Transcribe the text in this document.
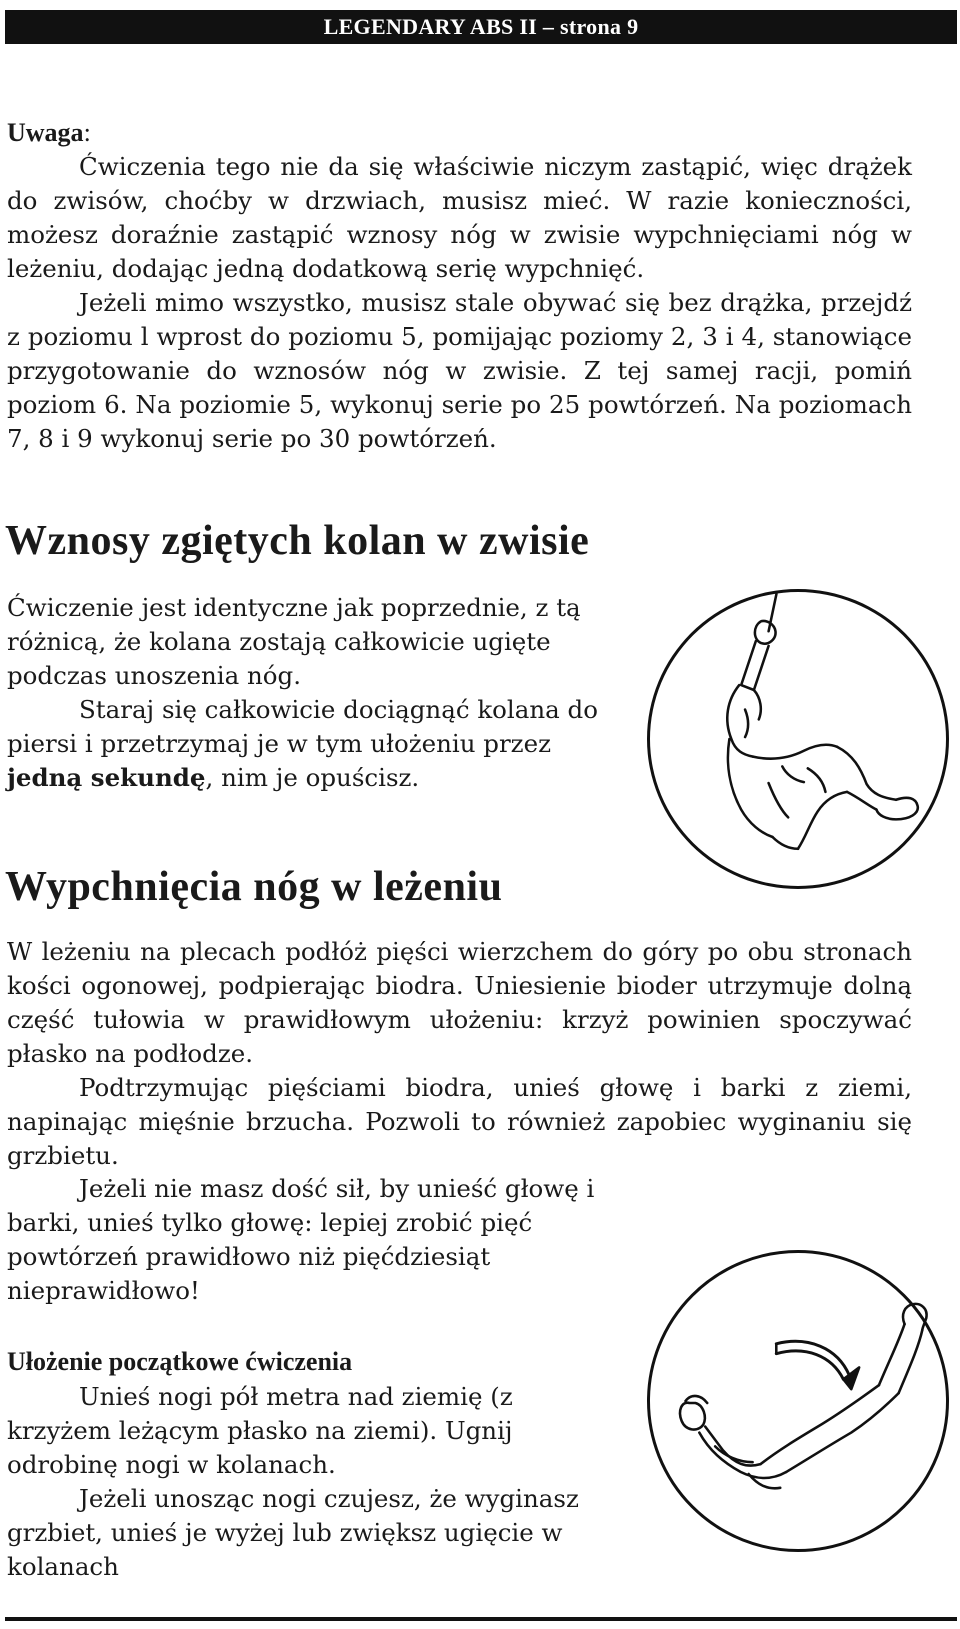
LEGENDARY ABS II – strona 9
Uwaga:

Ćwiczenia tego nie da się właściwie niczym zastąpić, więc drążek do zwisów, choćby w drzwiach, musisz mieć. W razie konieczności, możesz doraźnie zastąpić wznosy nóg w zwisie wypchnięciami nóg w leżeniu, dodając jedną dodatkową serię wypchnięć.

Jeżeli mimo wszystko, musisz stale obywać się bez drążka, przejdź z poziomu l wprost do poziomu 5, pomijając poziomy 2, 3 i 4, stanowiące przygotowanie do wznosów nóg w zwisie. Z tej samej racji, pomiń poziom 6. Na poziomie 5, wykonuj serie po 25 powtórzeń. Na poziomach 7, 8 i 9 wykonuj serie po 30 powtórzeń.

Wznosy zgiętych kolan w zwisie

Ćwiczenie jest identyczne jak poprzednie, z tą różnicą, że kolana zostają całkowicie ugięte podczas unoszenia nóg.

Staraj się całkowicie dociągnąć kolana do piersi i przetrzymaj je w tym ułożeniu przez jedną sekundę, nim je opuścisz.

Wypchnięcia nóg w leżeniu

W leżeniu na plecach podłóż pięści wierzchem do góry po obu stronach kości ogonowej, podpierając biodra. Uniesienie bioder utrzymuje dolną część tułowia w prawidłowym ułożeniu: krzyż powinien spoczywać płasko na podłodze.

Podtrzymując pięściami biodra, unieś głowę i barki z ziemi, napinając mięśnie brzucha. Pozwoli to również zapobiec wyginaniu się grzbietu.

Jeżeli nie masz dość sił, by unieść głowę i barki, unieś tylko głowę: lepiej zrobić pięć powtórzeń prawidłowo niż pięćdziesiąt nieprawidłowo!

Ułożenie początkowe ćwiczenia

Unieś nogi pół metra nad ziemię (z krzyżem leżącym płasko na ziemi). Ugnij odrobinę nogi w kolanach.

Jeżeli unosząc nogi czujesz, że wyginasz grzbiet, unieś je wyżej lub zwiększ ugięcie w kolanach
